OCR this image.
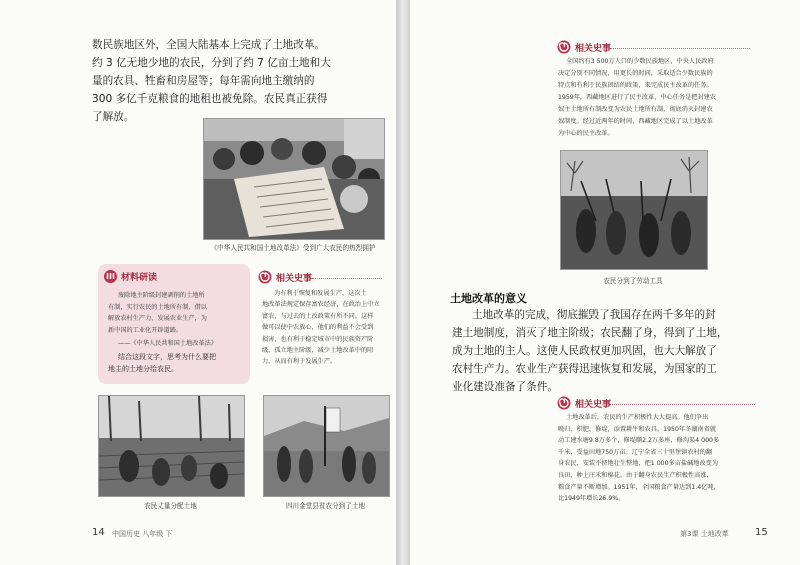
数民族地区外，全国大陆基本上完成了土地改革。
约 3 亿无地少地的农民，分到了约 7 亿亩土地和大
量的农具、牲畜和房屋等；每年需向地主缴纳的
300 多亿千克粮食的地租也被免除。农民真正获得
了解放。
《中华人民共和国土地改革法》受到广大农民的热烈拥护
III 材料研读
废除地主阶级封建剥削的土地所
有制，实行农民的土地所有制，借以
解放农村生产力，发展农业生产，为
新中国的工业化开辟道路。
——《中华人民共和国土地改革法》
结合这段文字，思考为什么要把
地主的土地分给农民。
相关史事
为有利于恢复和发展生产，这次土
地改革法规定保存富农经济，在政治上中立
富农，与过去的土改政策有所不同。这样
做可以使中农放心，他们的利益不会受到
损害，也有利于稳定城市中的民族资产阶
级，孤立地主阶级，减少土地改革中的阻
力，从而有利于发展生产。
农民丈量分配土地	四川金堂县贫农分到了土地
14 中国历史 八年级 下
相关史事
全国约有3 500万人口的少数民族地区，中央人民政府
决定分别不同情况，用更长的时间，采取适合少数民族的
特点和有利于民族团结的政策，来完成民主改革的任务。
1959年，西藏地区进行了民主改革，中心任务是把封建农
奴主土地所有制改变为农民土地所有制，彻底消灭封建农
奴制度。经过近两年的时间，西藏地区完成了以土地改革
为中心的民主改革。
农民分到了劳动工具
土地改革的意义
土地改革的完成，彻底摧毁了我国存在两千多年的封
建土地制度，消灭了地主阶级；农民翻了身，得到了土地，
成为土地的主人。这使人民政权更加巩固，也大大解放了
农村生产力。农业生产获得迅速恢复和发展，为国家的工
业化建设准备了条件。
相关史事
土地改革后，农民的生产积极性大大提高。他们争出
晚归，积肥、修堤，添置耕牛和农具。1950年冬湖南省就
动工建水塘9.8万多个，修堤顺2.2万多座，修沟渠4 000多
千米，受益田地750万亩。辽宁全省三十里堡镇农村的翻
身农民，安装不挤地壮生整地，把1 000多亩盐碱地改变为
良田，种上庄禾和棉花。由于翻身农民生产积极性高涨，
粮食产量不断增加。1951年，全国粮食产量达到1.4亿吨，
比1949年增长26.9%。
第3课 土地改革	15
